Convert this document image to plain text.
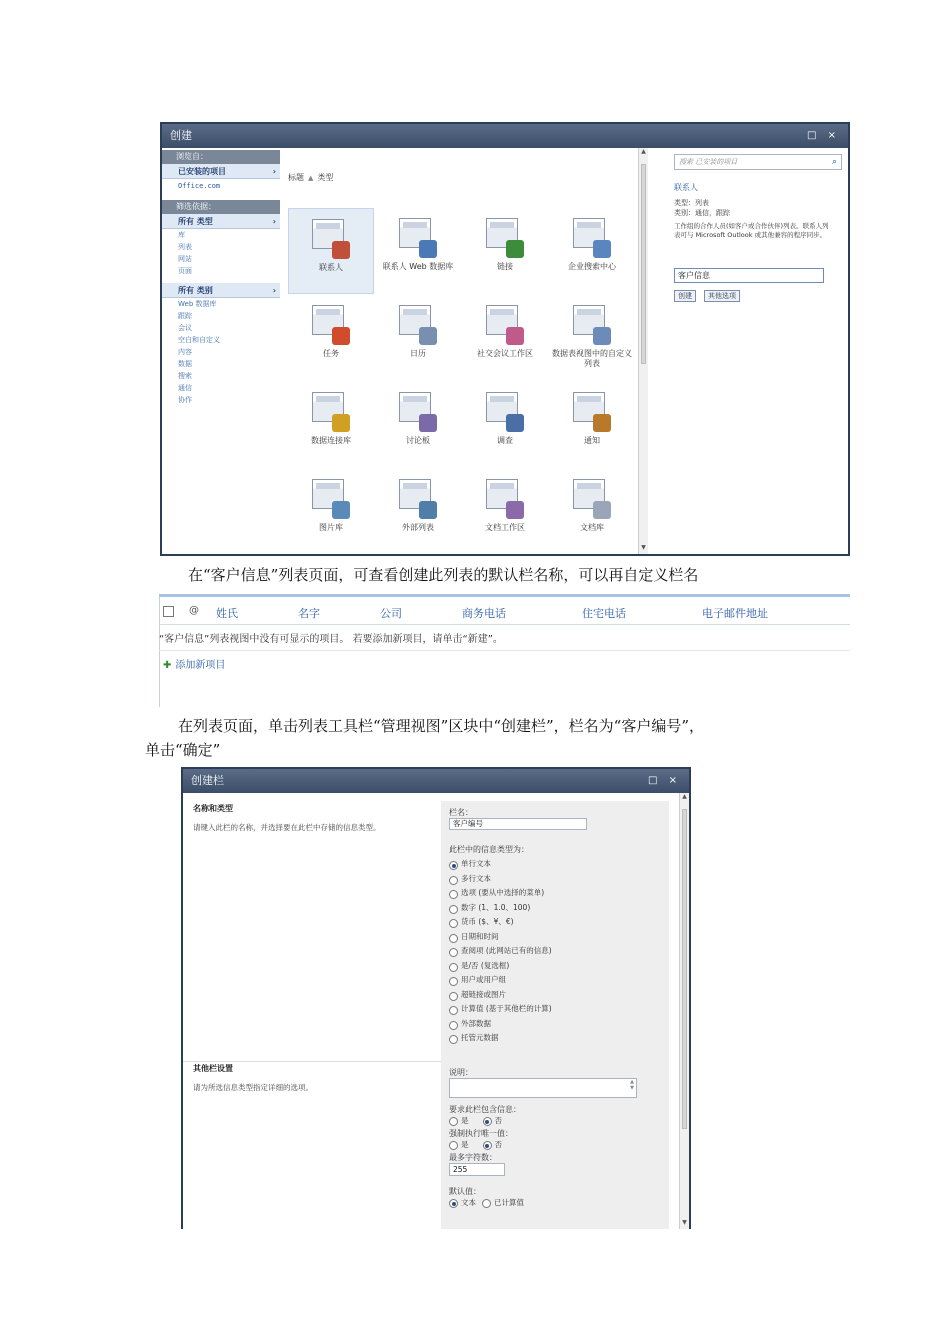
创建	□ ×
浏览自：
已安装的项目	›
Office.com
筛选依据：
所有 类型	›
库
列表
网站
页面
所有 类别	›
Web 数据库
跟踪
会议
空白和自定义
内容
数据
搜索
通信
协作
标题 ▲ 类型
联系人	联系人 Web 数据库	链接	企业搜索中心
任务	日历	社交会议工作区	数据表视图中的自定义列表
数据连接库	讨论板	调查	通知
图片库	外部列表	文档工作区	文档库
▲
▼
搜索 已安装的项目	⌕
联系人
类型：列表
类别：通信，跟踪
工作组的合作人员(如客户或合作伙伴)列表。联系人列表可与 Microsoft Outlook 或其他兼容的程序同步。
客户信息
创建	其他选项
在“客户信息”列表页面，可查看创建此列表的默认栏名称，可以再自定义栏名
@ 姓氏	名字	公司	商务电话	住宅电话	电子邮件地址
“客户信息”列表视图中没有可显示的项目。 若要添加新项目，请单击“新建”。
✚ 添加新项目
在列表页面，单击列表工具栏“管理视图”区块中“创建栏”，栏名为“客户编号”，
单击“确定”
创建栏	□ ×
名称和类型
请键入此栏的名称，并选择要在此栏中存储的信息类型。
栏名：
客户编号
此栏中的信息类型为：
单行文本
多行文本
选项 (要从中选择的菜单)
数字 (1、1.0、100)
货币 ($、¥、€)
日期和时间
查阅项 (此网站已有的信息)
是/否 (复选框)
用户或用户组
超链接或图片
计算值 (基于其他栏的计算)
外部数据
托管元数据
其他栏设置
请为所选信息类型指定详细的选项。
说明：
▲
▼
要求此栏包含信息：
是	否
强制执行唯一值：
是	否
最多字符数：
255
默认值：
文本 已计算值
▲
▼
